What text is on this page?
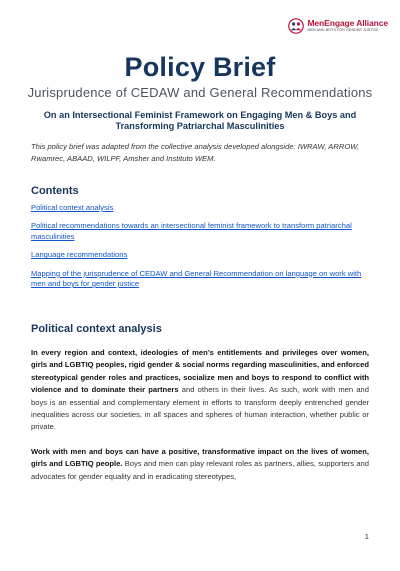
MenEngage Alliance
MEN AND BOYS FOR GENDER JUSTICE
Policy Brief
Jurisprudence of CEDAW and General Recommendations
On an Intersectional Feminist Framework on Engaging Men & Boys and Transforming Patriarchal Masculinities
This policy brief was adapted from the collective analysis developed alongside: IWRAW, ARROW, Rwamrec, ABAAD, WILPF, Amsher and Instituto WEM.
Contents
Political context analysis
Political recommendations towards an intersectional feminist framework to transform patriarchal masculinities
Language recommendations
Mapping of the jurisprudence of CEDAW and General Recommendation on language on work with men and boys for gender justice
Political context analysis

In every region and context, ideologies of men’s entitlements and privileges over women, girls and LGBTIQ peoples, rigid gender & social norms regarding masculinities, and enforced stereotypical gender roles and practices, socialize men and boys to respond to conflict with violence and to dominate their partners and others in their lives. As such, work with men and boys is an essential and complementary element in efforts to transform deeply entrenched gender inequalities across our societies, in all spaces and spheres of human interaction, whether public or private.

Work with men and boys can have a positive, transformative impact on the lives of women, girls and LGBTIQ people. Boys and men can play relevant roles as partners, allies, supporters and advocates for gender equality and in eradicating stereotypes,

1
